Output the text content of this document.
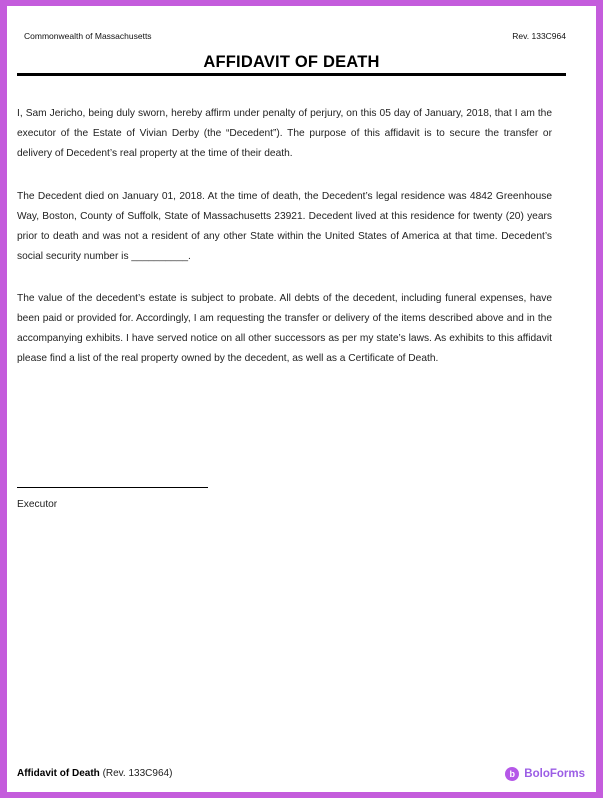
Commonwealth of Massachusetts	Rev. 133C964
AFFIDAVIT OF DEATH

I, Sam Jericho, being duly sworn, hereby affirm under penalty of perjury, on this 05 day of January, 2018, that I am the executor of the Estate of Vivian Derby (the “Decedent”). The purpose of this affidavit is to secure the transfer or delivery of Decedent’s real property at the time of their death.

The Decedent died on January 01, 2018. At the time of death, the Decedent’s legal residence was 4842 Greenhouse Way, Boston, County of Suffolk, State of Massachusetts 23921. Decedent lived at this residence for twenty (20) years prior to death and was not a resident of any other State within the United States of America at that time. Decedent’s social security number is __________.

The value of the decedent’s estate is subject to probate. All debts of the decedent, including funeral expenses, have been paid or provided for. Accordingly, I am requesting the transfer or delivery of the items described above and in the accompanying exhibits. I have served notice on all other successors as per my state’s laws. As exhibits to this affidavit please find a list of the real property owned by the decedent, as well as a Certificate of Death.

Executor
Affidavit of Death (Rev. 133C964)	b BoloForms
